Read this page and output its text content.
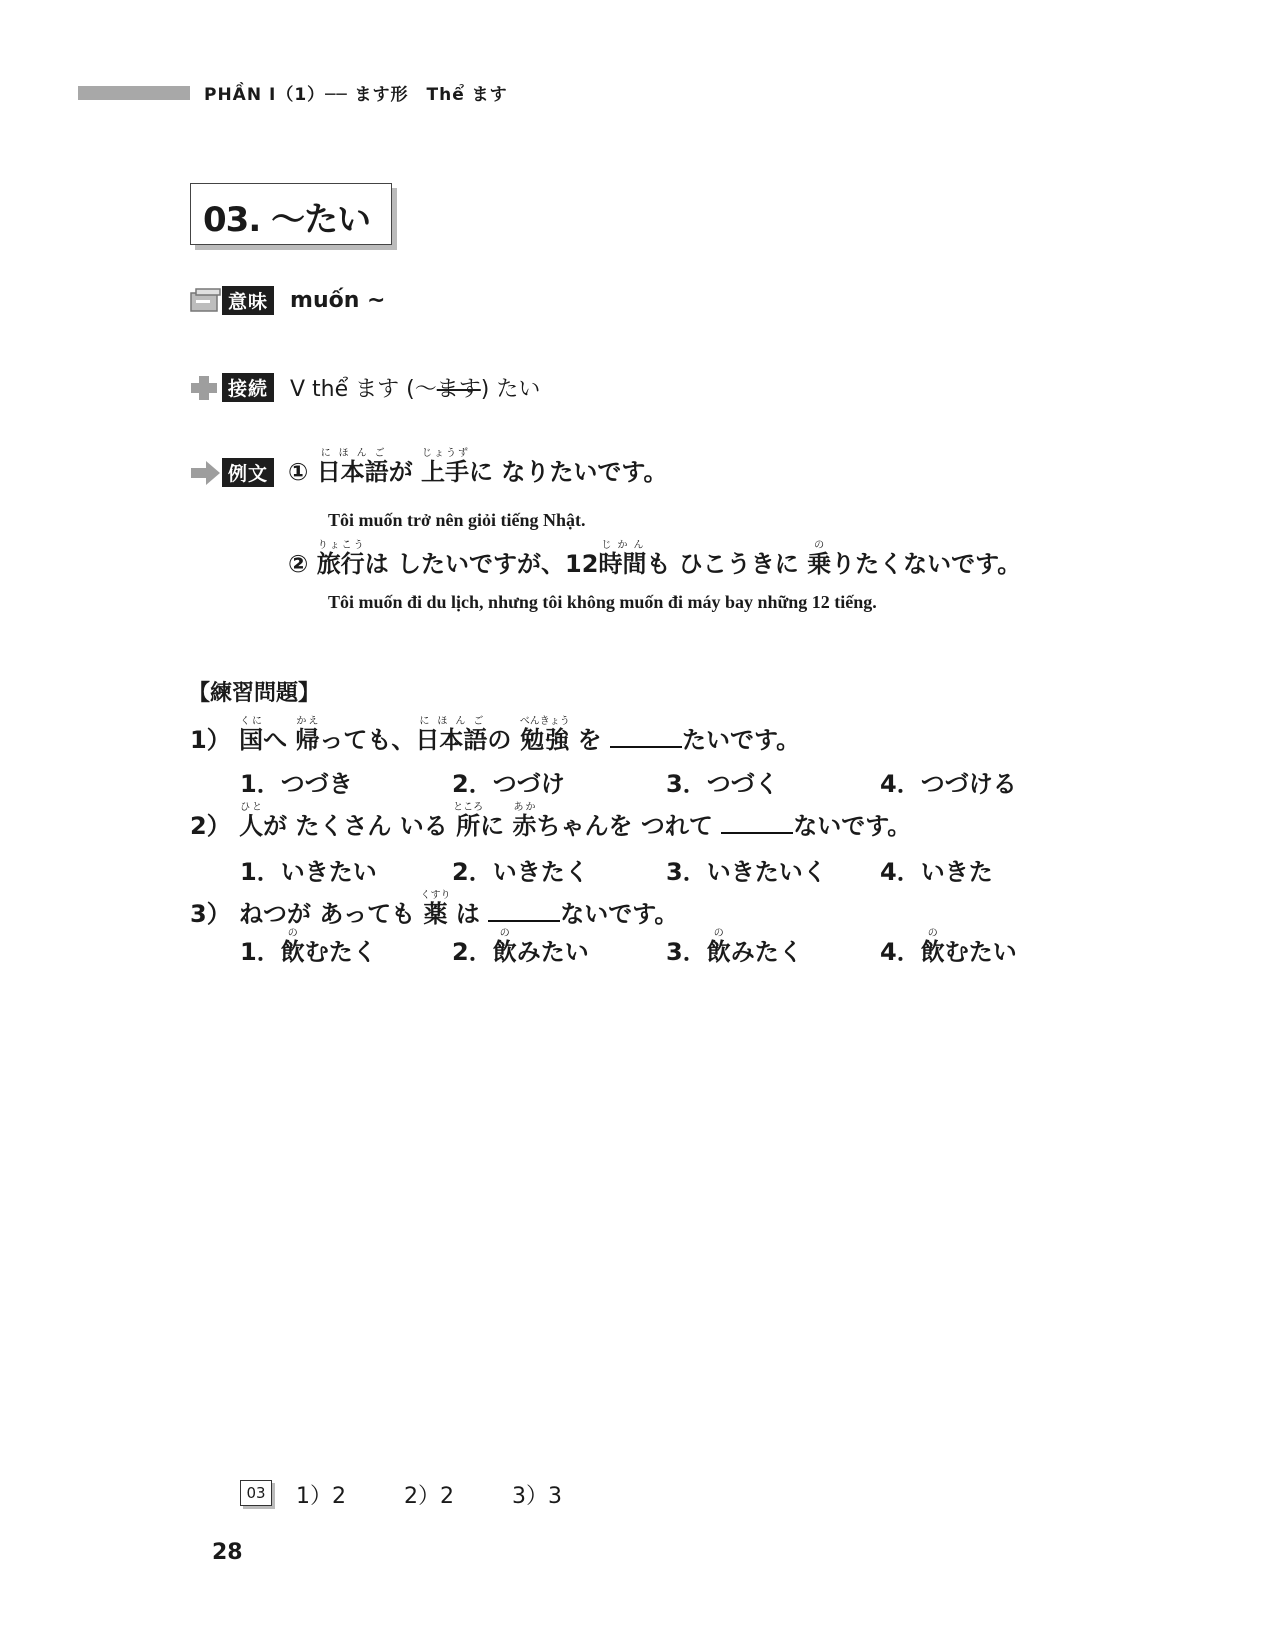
PHẦN Ⅰ（1）── ます形　Thể ます
03. ～たい
意味 muốn ~
接続 V thể ます (～ます) たい
例文 ① 日本語にほんごが 上手じょうずに なりたいです。
Tôi muốn trở nên giỏi tiếng Nhật.
② 旅行りょこうは したいですが、12時間じかんも ひこうきに 乗のりたくないです。
Tôi muốn đi du lịch, nhưng tôi không muốn đi máy bay những 12 tiếng.
【練習問題】
1） 国くにへ 帰かえっても、日本語にほんごの 勉強べんきょう を	たいです。
1．つづき	2．つづけ	3．つづく	4．つづける
2） 人ひとが たくさん いる 所ところに 赤あかちゃんを つれて	ないです。
1．いきたい	2．いきたく	3．いきたいく 4．いきた
3） ねつが あっても 薬くすり は	ないです。
1．飲のむたく	2．飲のみたい	3．飲のみたく	4．飲のむたい
03 1）2	2）2	3）3
28
